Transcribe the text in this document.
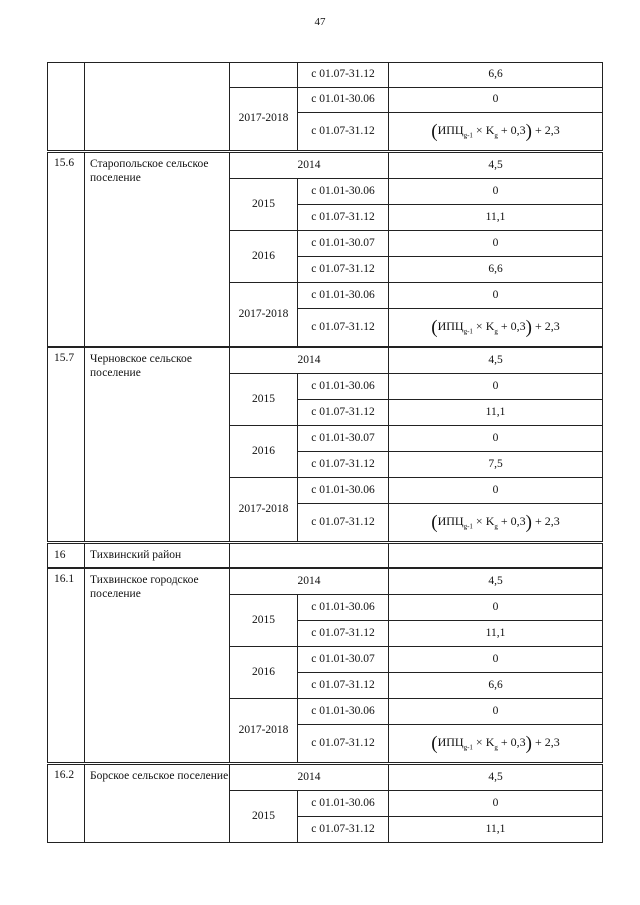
47
			с 01.07-31.12	6,6
		2017-2018	с 01.01-30.06	0
			с 01.07-31.12	$(ИПЦ_{g-1} \times K_g + 0,3) + 2,3$
15.6	Старопольское сельское поселение	2014		4,5
		2015	с 01.01-30.06	0
			с 01.07-31.12	11,1
		2016	с 01.01-30.07	0
			с 01.07-31.12	6,6
		2017-2018	с 01.01-30.06	0
			с 01.07-31.12	$(ИПЦ_{g-1} \times K_g + 0,3) + 2,3$
15.7	Черновское сельское поселение	2014		4,5
		2015	с 01.01-30.06	0
			с 01.07-31.12	11,1
		2016	с 01.01-30.07	0
			с 01.07-31.12	7,5
		2017-2018	с 01.01-30.06	0
			с 01.07-31.12	$(ИПЦ_{g-1} \times K_g + 0,3) + 2,3$
16	Тихвинский район		
16.1	Тихвинское городское поселение	2014		4,5
		2015	с 01.01-30.06	0
			с 01.07-31.12	11,1
		2016	с 01.01-30.07	0
			с 01.07-31.12	6,6
		2017-2018	с 01.01-30.06	0
			с 01.07-31.12	$(ИПЦ_{g-1} \times K_g + 0,3) + 2,3$
16.2	Борское сельское поселение	2014		4,5
		2015	с 01.01-30.06	0
			с 01.07-31.12	11,1
